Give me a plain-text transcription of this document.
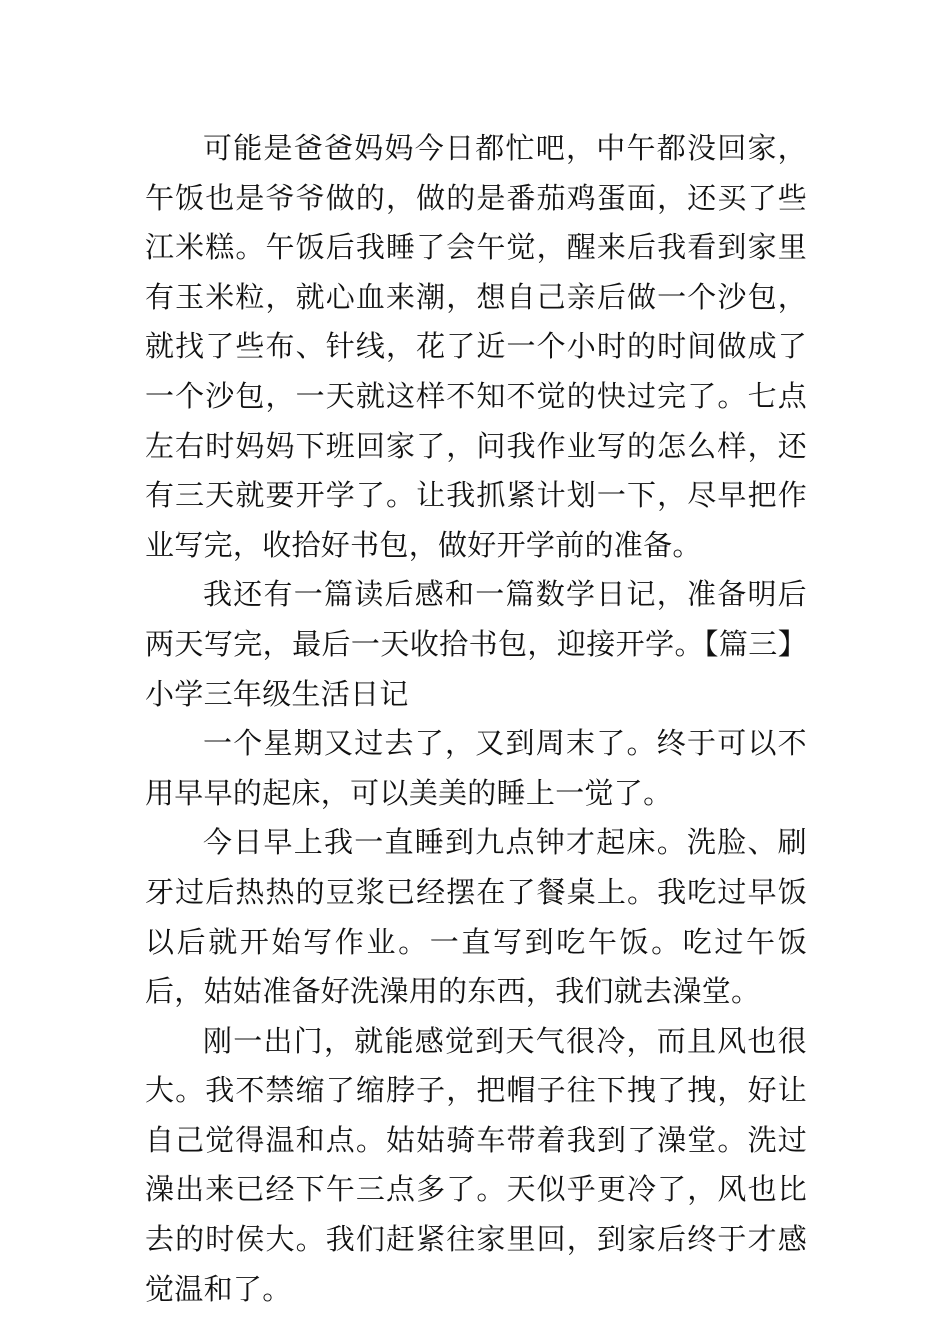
可能是爸爸妈妈今日都忙吧，中午都没回家，午饭也是爷爷做的，做的是番茄鸡蛋面，还买了些江米糕。午饭后我睡了会午觉，醒来后我看到家里有玉米粒，就心血来潮，想自己亲后做一个沙包，就找了些布、针线，花了近一个小时的时间做成了一个沙包，一天就这样不知不觉的快过完了。七点左右时妈妈下班回家了，问我作业写的怎么样，还有三天就要开学了。让我抓紧计划一下，尽早把作业写完，收拾好书包，做好开学前的准备。

我还有一篇读后感和一篇数学日记，准备明后两天写完，最后一天收拾书包，迎接开学。【篇三】小学三年级生活日记

一个星期又过去了，又到周末了。终于可以不用早早的起床，可以美美的睡上一觉了。

今日早上我一直睡到九点钟才起床。洗脸、刷牙过后热热的豆浆已经摆在了餐桌上。我吃过早饭以后就开始写作业。一直写到吃午饭。吃过午饭后，姑姑准备好洗澡用的东西，我们就去澡堂。

刚一出门，就能感觉到天气很冷，而且风也很大。我不禁缩了缩脖子，把帽子往下拽了拽，好让自己觉得温和点。姑姑骑车带着我到了澡堂。洗过澡出来已经下午三点多了。天似乎更冷了，风也比去的时侯大。我们赶紧往家里回，到家后终于才感觉温和了。
